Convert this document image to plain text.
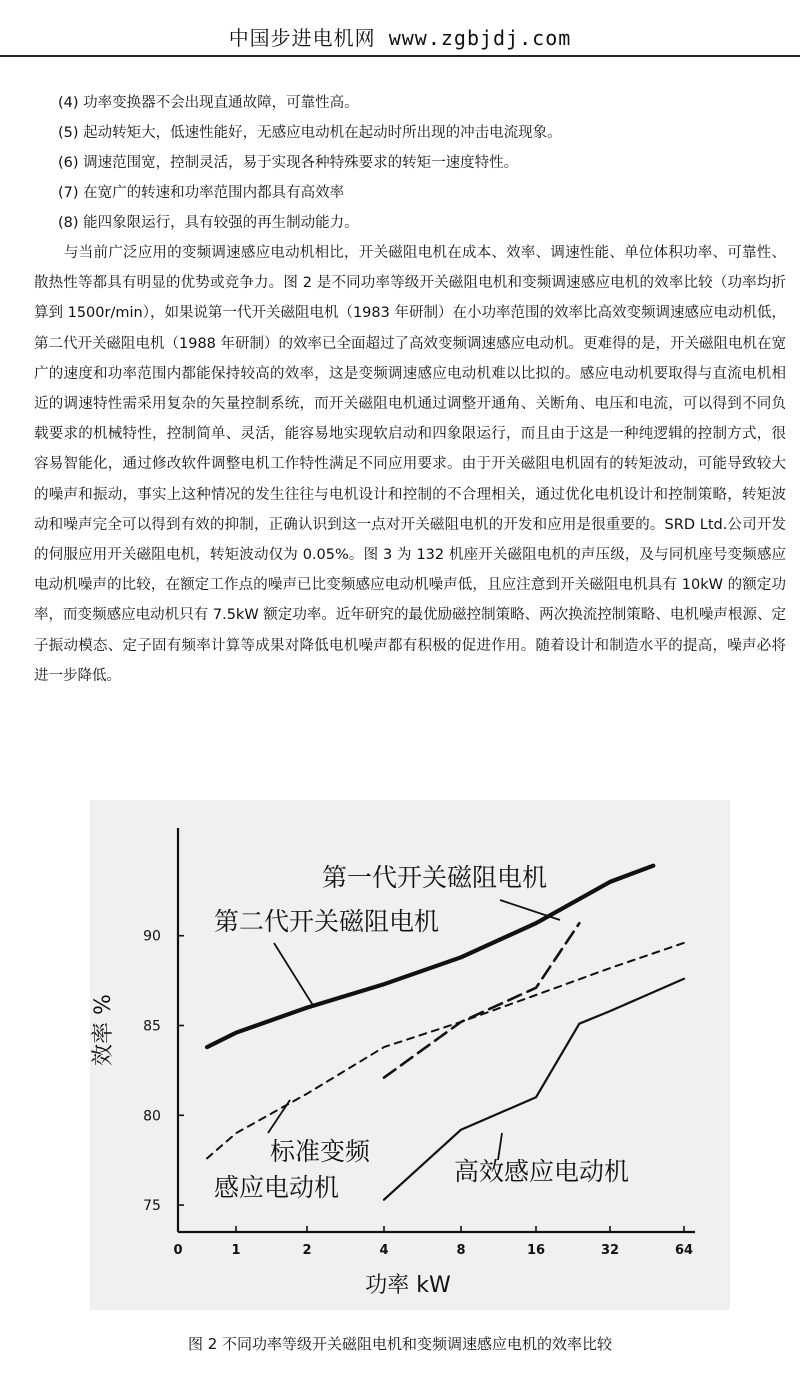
中国步进电机网 www.zgbjdj.com
(4) 功率变换器不会出现直通故障，可靠性高。
(5) 起动转矩大，低速性能好，无感应电动机在起动时所出现的冲击电流现象。
(6) 调速范围宽，控制灵活，易于实现各种特殊要求的转矩一速度特性。
(7) 在宽广的转速和功率范围内都具有高效率
(8) 能四象限运行，具有较强的再生制动能力。

与当前广泛应用的变频调速感应电动机相比，开关磁阻电机在成本、效率、调速性能、单位体积功率、可靠性、散热性等都具有明显的优势或竞争力。图 2 是不同功率等级开关磁阻电机和变频调速感应电机的效率比较（功率均折算到 1500r/min），如果说第一代开关磁阻电机（1983 年研制）在小功率范围的效率比高效变频调速感应电动机低，第二代开关磁阻电机（1988 年研制）的效率已全面超过了高效变频调速感应电动机。更难得的是，开关磁阻电机在宽广的速度和功率范围内都能保持较高的效率，这是变频调速感应电动机难以比拟的。感应电动机要取得与直流电机相近的调速特性需采用复杂的矢量控制系统，而开关磁阻电机通过调整开通角、关断角、电压和电流，可以得到不同负载要求的机械特性，控制简单、灵活，能容易地实现软启动和四象限运行，而且由于这是一种纯逻辑的控制方式，很容易智能化，通过修改软件调整电机工作特性满足不同应用要求。由于开关磁阻电机固有的转矩波动，可能导致较大的噪声和振动，事实上这种情况的发生往往与电机设计和控制的不合理相关，通过优化电机设计和控制策略，转矩波动和噪声完全可以得到有效的抑制，正确认识到这一点对开关磁阻电机的开发和应用是很重要的。SRD Ltd.公司开发的伺服应用开关磁阻电机，转矩波动仅为 0.05%。图 3 为 132 机座开关磁阻电机的声压级，及与同机座号变频感应电动机噪声的比较，在额定工作点的噪声已比变频感应电动机噪声低，且应注意到开关磁阻电机具有 10kW 的额定功率，而变频感应电动机只有 7.5kW 额定功率。近年研究的最优励磁控制策略、两次换流控制策略、电机噪声根源、定子振动模态、定子固有频率计算等成果对降低电机噪声都有积极的促进作用。随着设计和制造水平的提高，噪声必将进一步降低。

0	1	2	4	8	16	32	64
75
80
85
90
功率 kW
效率 %
第一代开关磁阻电机
第二代开关磁阻电机
标准变频
感应电动机
高效感应电动机
图 2 不同功率等级开关磁阻电机和变频调速感应电机的效率比较
